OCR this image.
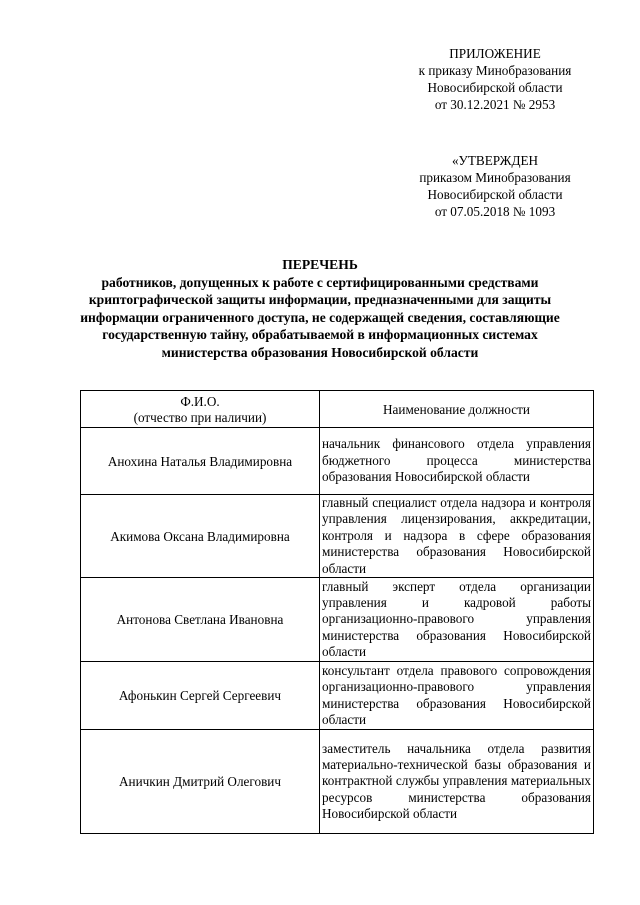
ПРИЛОЖЕНИЕ
к приказу Минобразования
Новосибирской области
от 30.12.2021 № 2953
«УТВЕРЖДЕН
приказом Минобразования
Новосибирской области
от 07.05.2018 № 1093
ПЕРЕЧЕНЬ
работников, допущенных к работе с сертифицированными средствами
криптографической защиты информации, предназначенными для защиты
информации ограниченного доступа, не содержащей сведения, составляющие
государственную тайну, обрабатываемой в информационных системах
министерства образования Новосибирской области
Ф.И.О.
(отчество при наличии)	Наименование должности
Анохина Наталья Владимировна	начальник финансового отдела управления бюджетного процесса министерства образования Новосибирской области
Акимова Оксана Владимировна	главный специалист отдела надзора и контроля управления лицензирования, аккредитации, контроля и надзора в сфере образования министерства образования Новосибирской области
Антонова Светлана Ивановна	главный эксперт отдела организации управления и кадровой работы организационно-правового управления министерства образования Новосибирской области
Афонькин Сергей Сергеевич	консультант отдела правового сопровождения организационно-правового управления министерства образования Новосибирской области
Аничкин Дмитрий Олегович	заместитель начальника отдела развития материально-технической базы образования и контрактной службы управления материальных ресурсов министерства образования Новосибирской области
